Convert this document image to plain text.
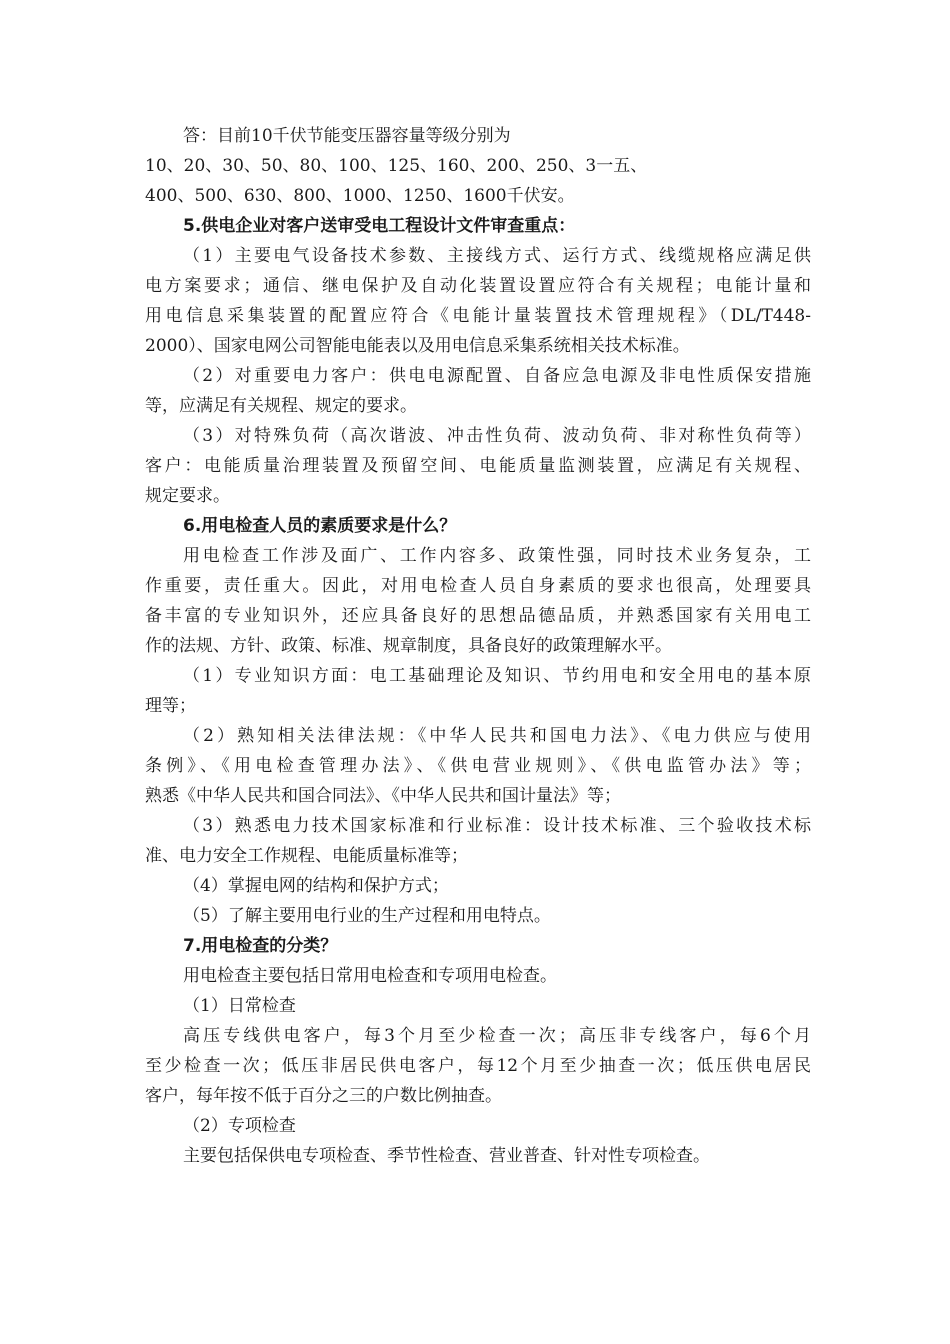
答：目前10千伏节能变压器容量等级分别为
10、20、30、50、80、100、125、160、200、250、3一五、
400、500、630、800、1000、1250、1600千伏安。
5.供电企业对客户送审受电工程设计文件审查重点：
（1）主要电气设备技术参数、主接线方式、运行方式、线缆规格应满足供
电方案要求；通信、继电保护及自动化装置设置应符合有关规程；电能计量和
用电信息采集装置的配置应符合《电能计量装置技术管理规程》（DL/T448-
2000）、国家电网公司智能电能表以及用电信息采集系统相关技术标准。
（2）对重要电力客户：供电电源配置、自备应急电源及非电性质保安措施
等，应满足有关规程、规定的要求。
（3）对特殊负荷（高次谐波、冲击性负荷、波动负荷、非对称性负荷等）
客户：电能质量治理装置及预留空间、电能质量监测装置，应满足有关规程、
规定要求。
6.用电检查人员的素质要求是什么？
用电检查工作涉及面广、工作内容多、政策性强，同时技术业务复杂，工
作重要，责任重大。因此，对用电检查人员自身素质的要求也很高，处理要具
备丰富的专业知识外，还应具备良好的思想品德品质，并熟悉国家有关用电工
作的法规、方针、政策、标准、规章制度，具备良好的政策理解水平。
（1）专业知识方面：电工基础理论及知识、节约用电和安全用电的基本原
理等；
（2）熟知相关法律法规：《中华人民共和国电力法》、《电力供应与使用
条例》、《用电检查管理办法》、《供电营业规则》、《供电监管办法》等；
熟悉《中华人民共和国合同法》、《中华人民共和国计量法》等；
（3）熟悉电力技术国家标准和行业标准：设计技术标准、三个验收技术标
准、电力安全工作规程、电能质量标准等；
（4）掌握电网的结构和保护方式；
（5）了解主要用电行业的生产过程和用电特点。
7.用电检查的分类？
用电检查主要包括日常用电检查和专项用电检查。
（1）日常检查
高压专线供电客户，每3个月至少检查一次；高压非专线客户，每6个月
至少检查一次；低压非居民供电客户，每12个月至少抽查一次；低压供电居民
客户，每年按不低于百分之三的户数比例抽查。
（2）专项检查
主要包括保供电专项检查、季节性检查、营业普查、针对性专项检查。
